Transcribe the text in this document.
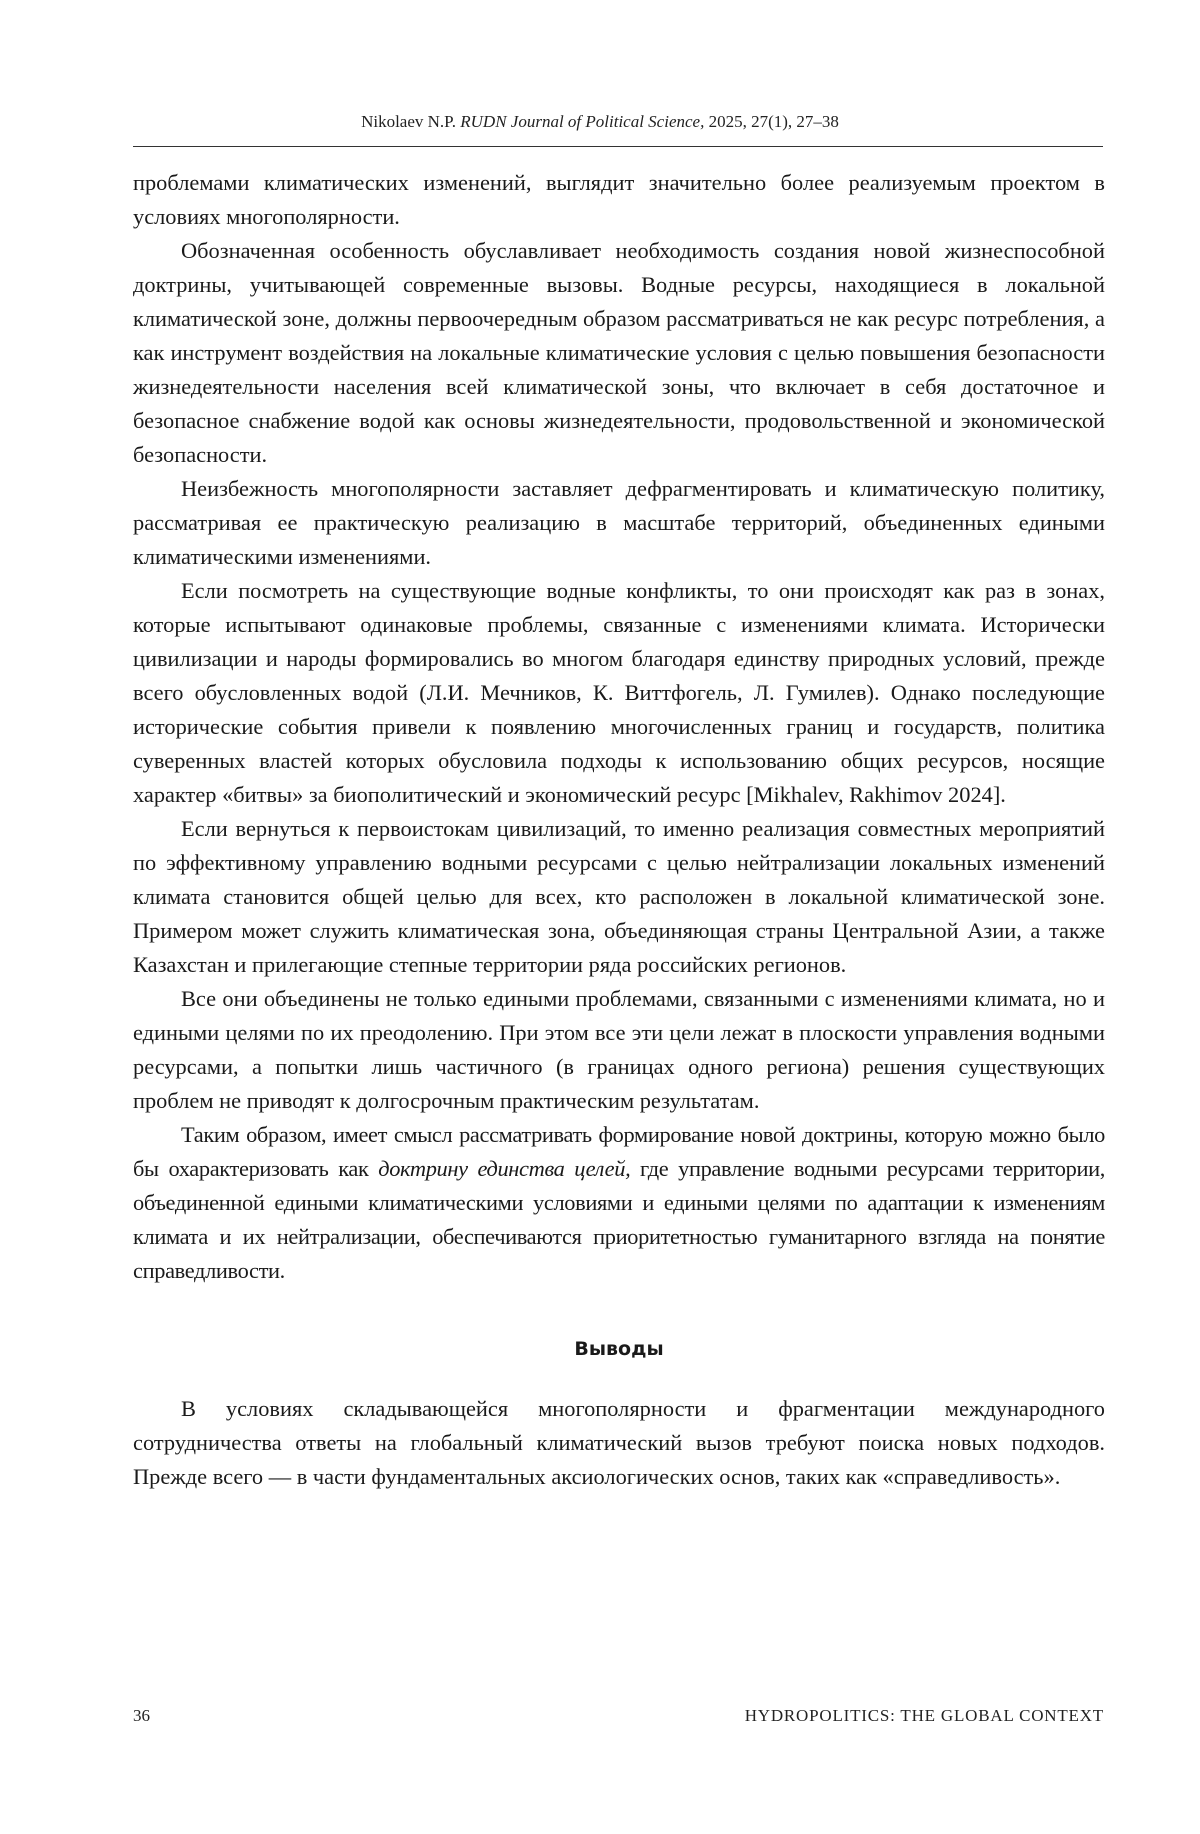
Nikolaev N.P. RUDN Journal of Political Science, 2025, 27(1), 27–38

проблемами климатических изменений, выглядит значительно более реализуемым проектом в условиях многополярности.

Обозначенная особенность обуславливает необходимость создания новой жизнеспособной доктрины, учитывающей современные вызовы. Водные ресурсы, находящиеся в локальной климатической зоне, должны первоочередным образом рассматриваться не как ресурс потребления, а как инструмент воздействия на локальные климатические условия с целью повышения безопасности жизнедеятельности населения всей климатической зоны, что включает в себя достаточное и безопасное снабжение водой как основы жизнедеятельности, продовольственной и экономической безопасности.

Неизбежность многополярности заставляет дефрагментировать и климатическую политику, рассматривая ее практическую реализацию в масштабе территорий, объединенных едиными климатическими изменениями.

Если посмотреть на существующие водные конфликты, то они происходят как раз в зонах, которые испытывают одинаковые проблемы, связанные с изменениями климата. Исторически цивилизации и народы формировались во многом благодаря единству природных условий, прежде всего обусловленных водой (Л.И. Мечников, К. Виттфогель, Л. Гумилев). Однако последующие исторические события привели к появлению многочисленных границ и государств, политика суверенных властей которых обусловила подходы к использованию общих ресурсов, носящие характер «битвы» за биополитический и экономический ресурс [Mikhalev, Rakhimov 2024].

Если вернуться к первоистокам цивилизаций, то именно реализация совместных мероприятий по эффективному управлению водными ресурсами с целью нейтрализации локальных изменений климата становится общей целью для всех, кто расположен в локальной климатической зоне. Примером может служить климатическая зона, объединяющая страны Центральной Азии, а также Казахстан и прилегающие степные территории ряда российских регионов.

Все они объединены не только едиными проблемами, связанными с изменениями климата, но и едиными целями по их преодолению. При этом все эти цели лежат в плоскости управления водными ресурсами, а попытки лишь частичного (в границах одного региона) решения существующих проблем не приводят к долгосрочным практическим результатам.

Таким образом, имеет смысл рассматривать формирование новой доктрины, которую можно было бы охарактеризовать как доктрину единства целей, где управление водными ресурсами территории, объединенной едиными климатическими условиями и едиными целями по адаптации к изменениям климата и их нейтрализации, обеспечиваются приоритетностью гуманитарного взгляда на понятие справедливости.

Выводы

В условиях складывающейся многополярности и фрагментации международного сотрудничества ответы на глобальный климатический вызов требуют поиска новых подходов. Прежде всего — в части фундаментальных аксиологических основ, таких как «справедливость».

36	HYDROPOLITICS: THE GLOBAL CONTEXT
